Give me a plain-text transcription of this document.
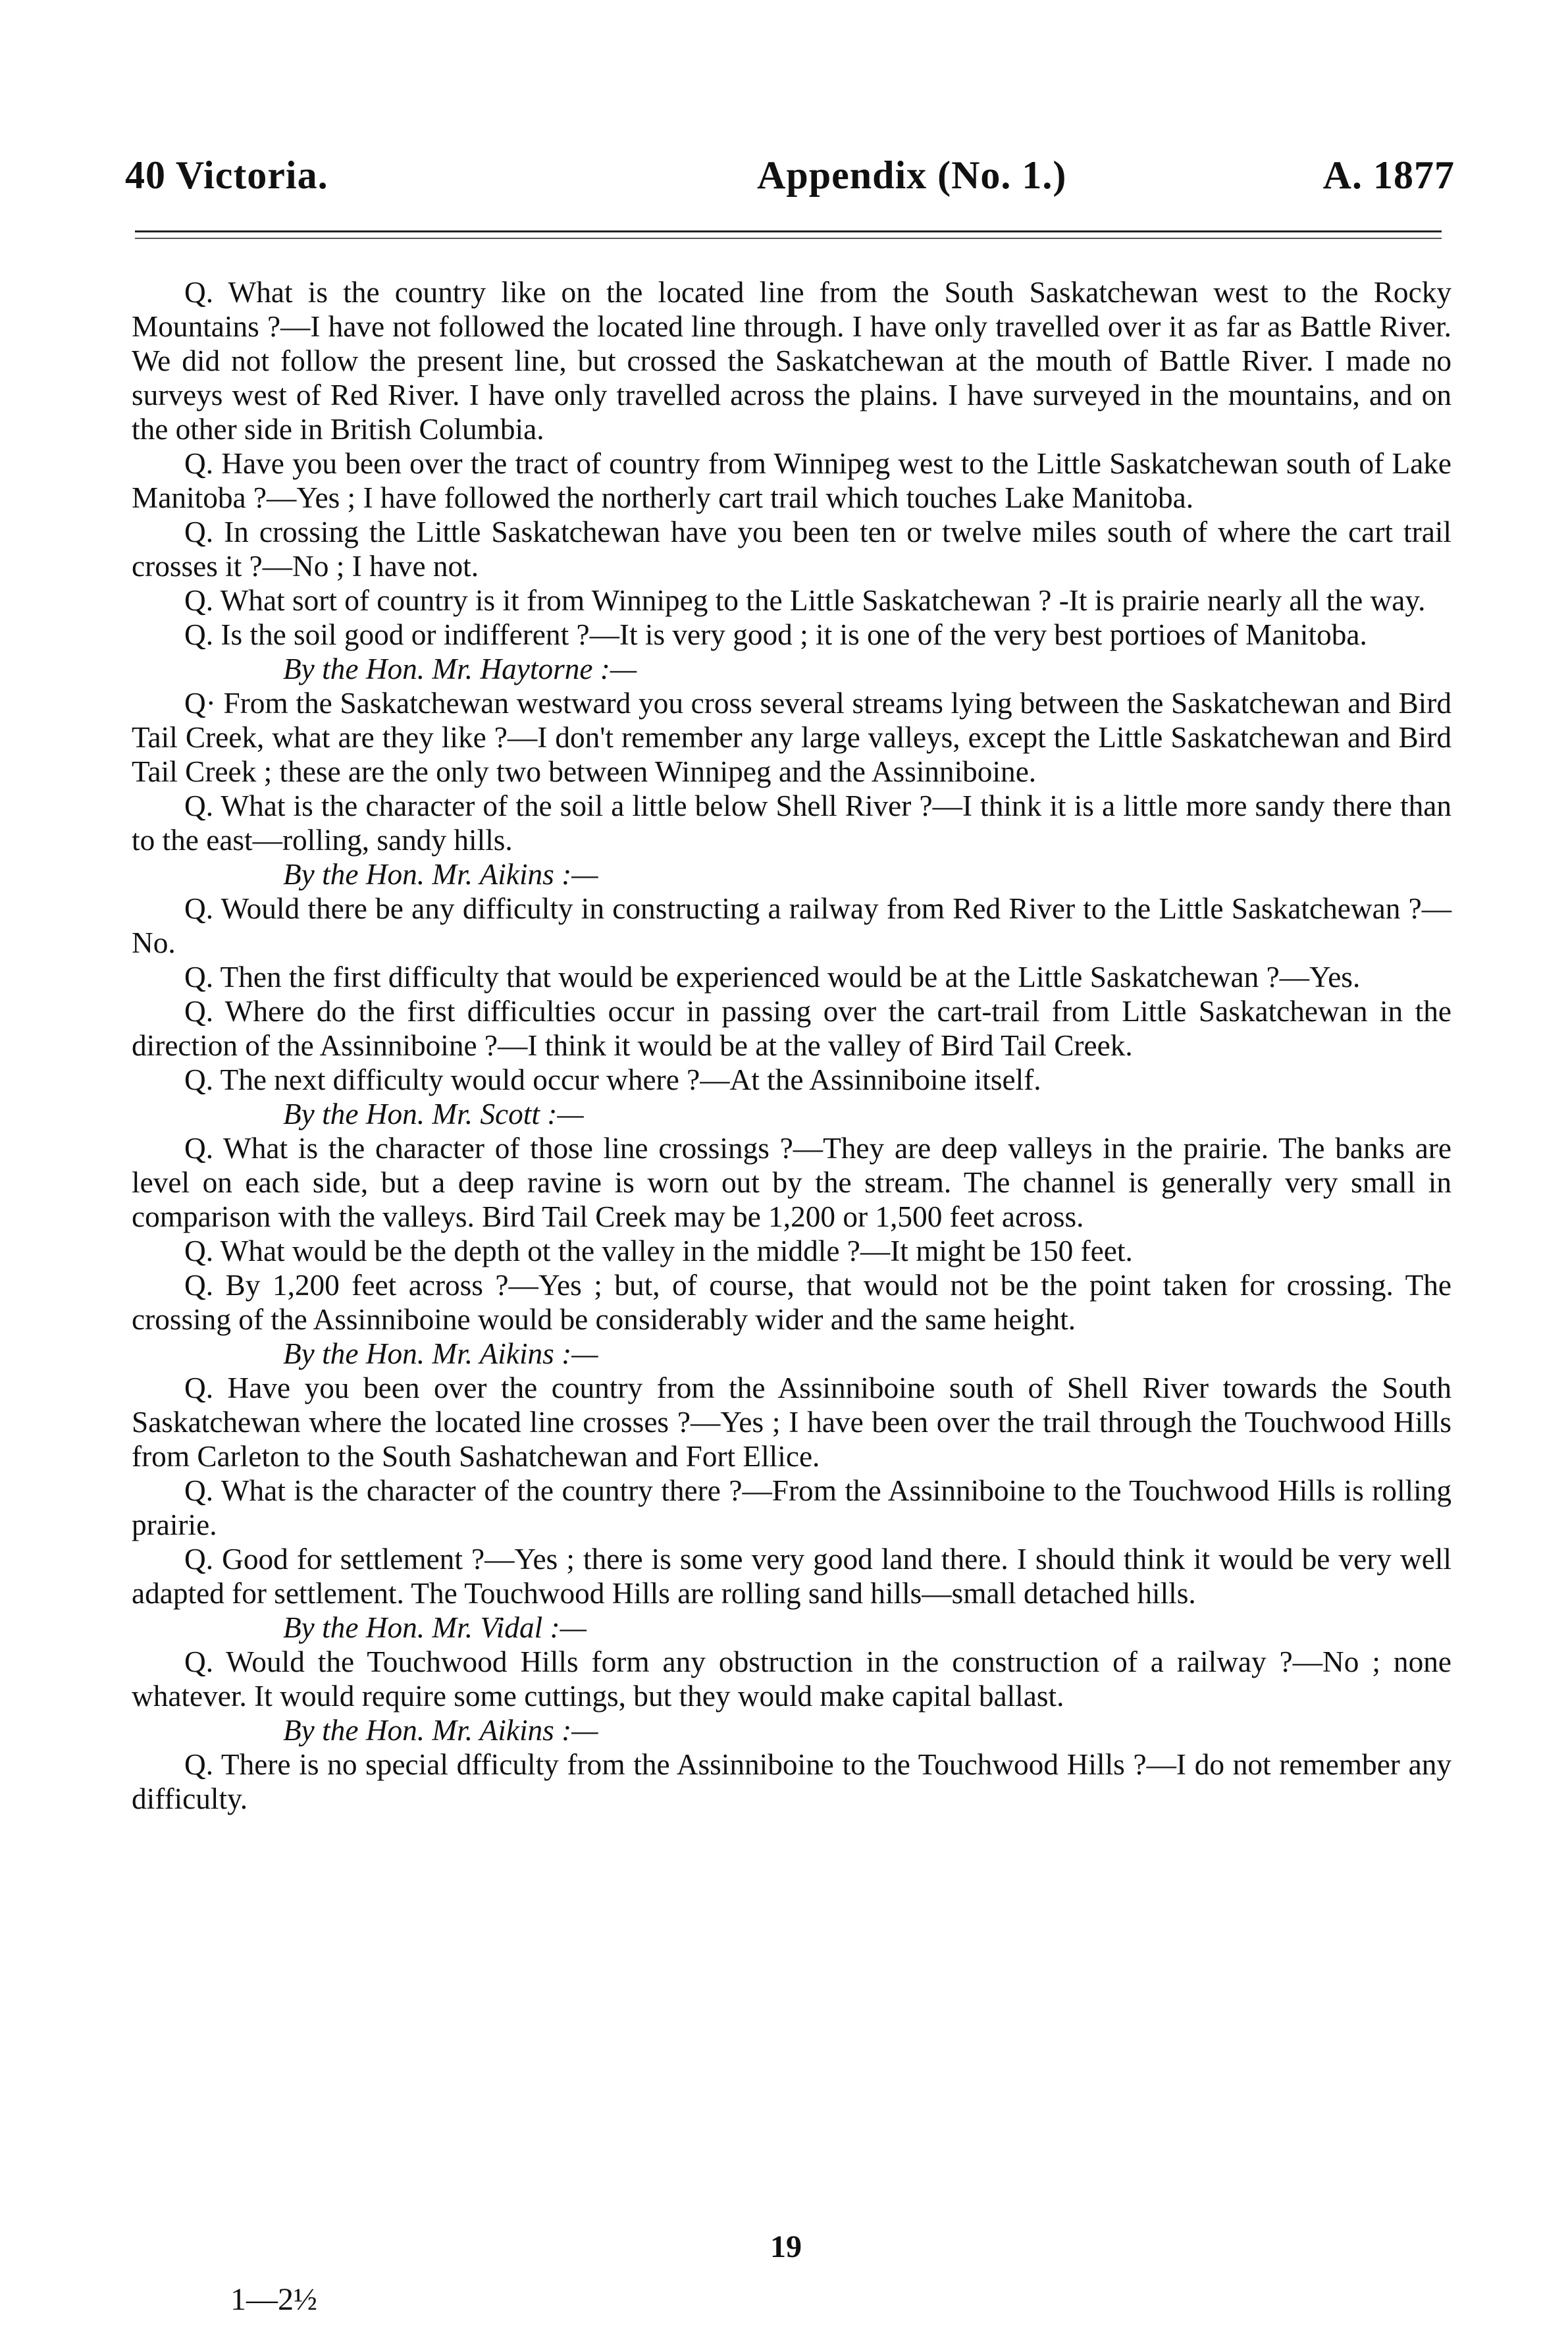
40 Victoria.	Appendix (No. 1.)	A. 1877

Q. What is the country like on the located line from the South Saskatchewan west to the Rocky Mountains ?—I have not followed the located line through. I have only travelled over it as far as Battle River. We did not follow the present line, but crossed the Saskatchewan at the mouth of Battle River. I made no surveys west of Red River. I have only travelled across the plains. I have surveyed in the mountains, and on the other side in British Columbia.

Q. Have you been over the tract of country from Winnipeg west to the Little Saskatchewan south of Lake Manitoba ?—Yes ; I have followed the northerly cart trail which touches Lake Manitoba.

Q. In crossing the Little Saskatchewan have you been ten or twelve miles south of where the cart trail crosses it ?—No ; I have not.

Q. What sort of country is it from Winnipeg to the Little Saskatchewan ? -It is prairie nearly all the way.

Q. Is the soil good or indifferent ?—It is very good ; it is one of the very best portioes of Manitoba.

By the Hon. Mr. Haytorne :—

Q· From the Saskatchewan westward you cross several streams lying between the Saskatchewan and Bird Tail Creek, what are they like ?—I don't remember any large valleys, except the Little Saskatchewan and Bird Tail Creek ; these are the only two between Winnipeg and the Assinniboine.

Q. What is the character of the soil a little below Shell River ?—I think it is a little more sandy there than to the east—rolling, sandy hills.

By the Hon. Mr. Aikins :—

Q. Would there be any difficulty in constructing a railway from Red River to the Little Saskatchewan ?—No.

Q. Then the first difficulty that would be experienced would be at the Little Saskatchewan ?—Yes.

Q. Where do the first difficulties occur in passing over the cart-trail from Little Saskatchewan in the direction of the Assinniboine ?—I think it would be at the valley of Bird Tail Creek.

Q. The next difficulty would occur where ?—At the Assinniboine itself.

By the Hon. Mr. Scott :—

Q. What is the character of those line crossings ?—They are deep valleys in the prairie. The banks are level on each side, but a deep ravine is worn out by the stream. The channel is generally very small in comparison with the valleys. Bird Tail Creek may be 1,200 or 1,500 feet across.

Q. What would be the depth ot the valley in the middle ?—It might be 150 feet.

Q. By 1,200 feet across ?—Yes ; but, of course, that would not be the point taken for crossing. The crossing of the Assinniboine would be considerably wider and the same height.

By the Hon. Mr. Aikins :—

Q. Have you been over the country from the Assinniboine south of Shell River towards the South Saskatchewan where the located line crosses ?—Yes ; I have been over the trail through the Touchwood Hills from Carleton to the South Sashatchewan and Fort Ellice.

Q. What is the character of the country there ?—From the Assinniboine to the Touchwood Hills is rolling prairie.

Q. Good for settlement ?—Yes ; there is some very good land there. I should think it would be very well adapted for settlement. The Touchwood Hills are rolling sand hills—small detached hills.

By the Hon. Mr. Vidal :—

Q. Would the Touchwood Hills form any obstruction in the construction of a railway ?—No ; none whatever. It would require some cuttings, but they would make capital ballast.

By the Hon. Mr. Aikins :—

Q. There is no special dfficulty from the Assinniboine to the Touchwood Hills ?—I do not remember any difficulty.

19
1—2½
